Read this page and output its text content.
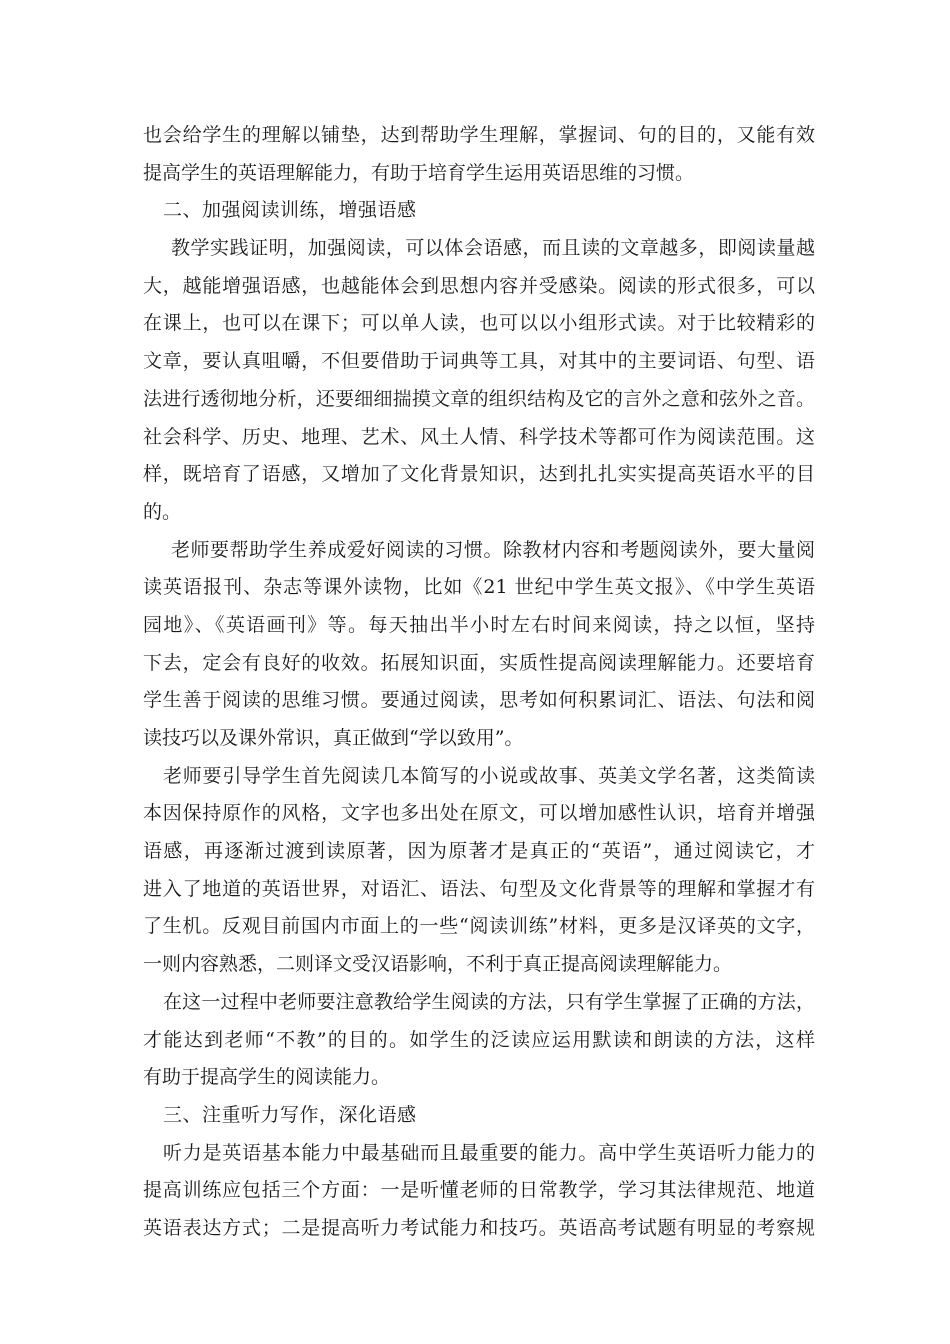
也会给学生的理解以铺垫，达到帮助学生理解，掌握词、句的目的，又能有效
提高学生的英语理解能力，有助于培育学生运用英语思维的习惯。
二、加强阅读训练，增强语感
教学实践证明，加强阅读，可以体会语感，而且读的文章越多，即阅读量越
大，越能增强语感，也越能体会到思想内容并受感染。阅读的形式很多，可以
在课上，也可以在课下；可以单人读，也可以以小组形式读。对于比较精彩的
文章，要认真咀嚼，不但要借助于词典等工具，对其中的主要词语、句型、语
法进行透彻地分析，还要细细揣摸文章的组织结构及它的言外之意和弦外之音。
社会科学、历史、地理、艺术、风土人情、科学技术等都可作为阅读范围。这
样，既培育了语感，又增加了文化背景知识，达到扎扎实实提高英语水平的目
的。
老师要帮助学生养成爱好阅读的习惯。除教材内容和考题阅读外，要大量阅
读英语报刊、杂志等课外读物，比如《21 世纪中学生英文报》、《中学生英语
园地》、《英语画刊》等。每天抽出半小时左右时间来阅读，持之以恒，坚持
下去，定会有良好的收效。拓展知识面，实质性提高阅读理解能力。还要培育
学生善于阅读的思维习惯。要通过阅读，思考如何积累词汇、语法、句法和阅
读技巧以及课外常识，真正做到“学以致用”。
老师要引导学生首先阅读几本简写的小说或故事、英美文学名著，这类简读
本因保持原作的风格，文字也多出处在原文，可以增加感性认识，培育并增强
语感，再逐渐过渡到读原著，因为原著才是真正的“英语”，通过阅读它，才
进入了地道的英语世界，对语汇、语法、句型及文化背景等的理解和掌握才有
了生机。反观目前国内市面上的一些“阅读训练”材料，更多是汉译英的文字，
一则内容熟悉，二则译文受汉语影响，不利于真正提高阅读理解能力。
在这一过程中老师要注意教给学生阅读的方法，只有学生掌握了正确的方法，
才能达到老师“不教”的目的。如学生的泛读应运用默读和朗读的方法，这样
有助于提高学生的阅读能力。
三、注重听力写作，深化语感
听力是英语基本能力中最基础而且最重要的能力。高中学生英语听力能力的
提高训练应包括三个方面：一是听懂老师的日常教学，学习其法律规范、地道
英语表达方式；二是提高听力考试能力和技巧。英语高考试题有明显的考察规
